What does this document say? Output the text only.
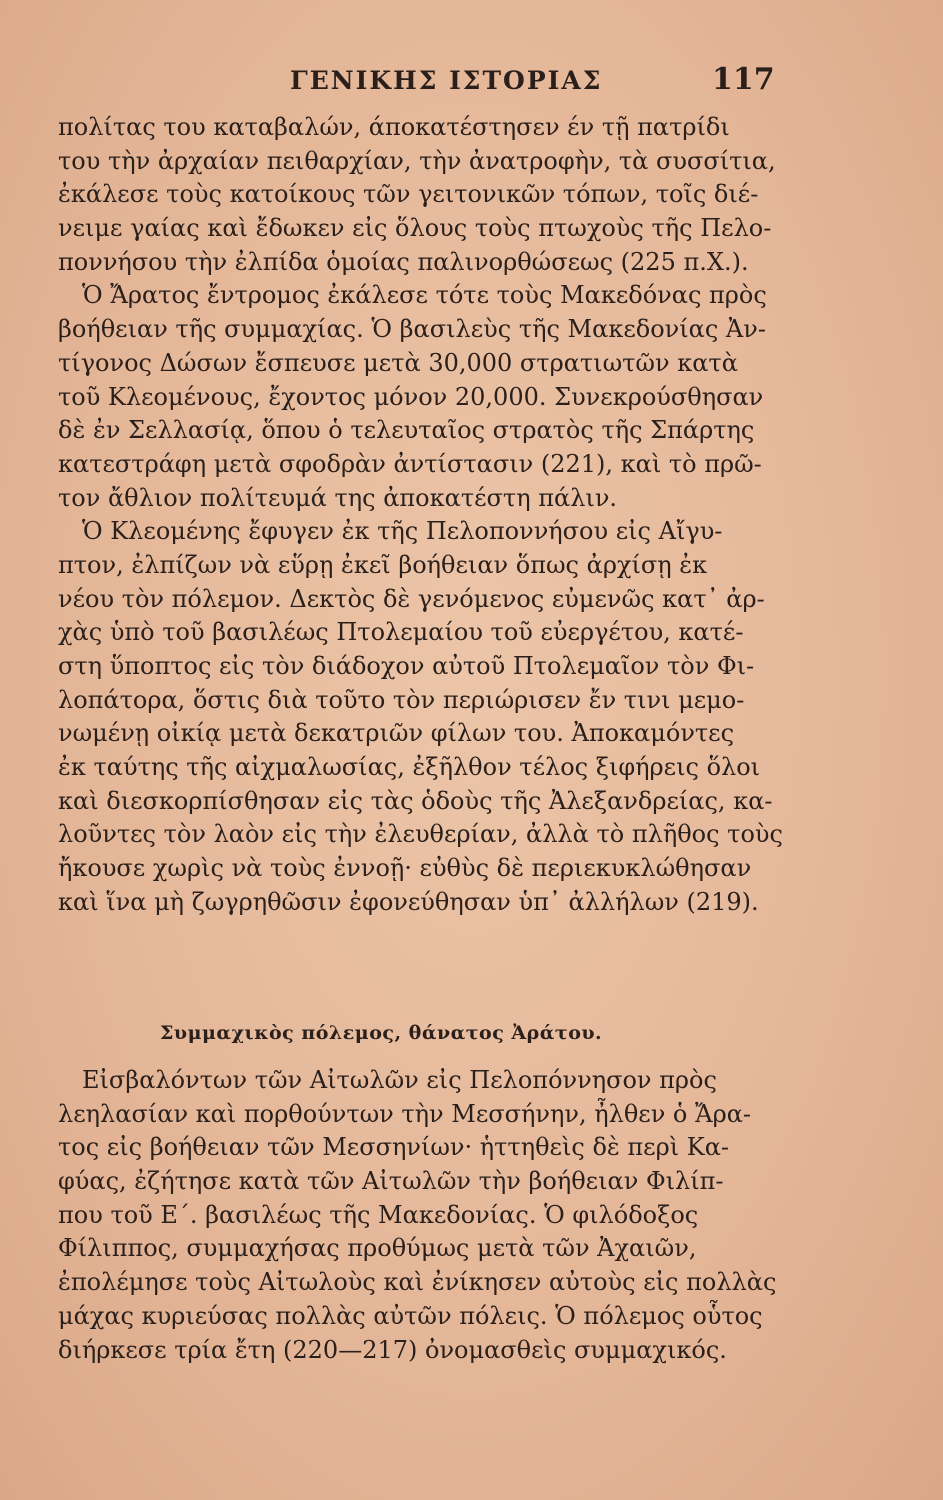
ΓΕΝΙΚΗΣ ΙΣΤΟΡΙΑΣ	117
πολίτας του καταβαλών, άποκατέστησεν έν τῇ πατρίδι
του τὴν ἀρχαίαν πειθαρχίαν, τὴν ἀνατροφὴν, τὰ συσσίτια,
ἐκάλεσε τοὺς κατοίκους τῶν γειτονικῶν τόπων, τοῖς διέ-
νειμε γαίας καὶ ἔδωκεν εἰς ὅλους τοὺς πτωχοὺς τῆς Πελο-
ποννήσου τὴν ἐλπίδα ὁμοίας παλινορθώσεως (225 π.Χ.).
Ὁ Ἄρατος ἔντρομος ἐκάλεσε τότε τοὺς Μακεδόνας πρὸς
βοήθειαν τῆς συμμαχίας. Ὁ βασιλεὺς τῆς Μακεδονίας Ἀν-
τίγονος Δώσων ἔσπευσε μετὰ 30,000 στρατιωτῶν κατὰ
τοῦ Κλεομένους, ἔχοντος μόνον 20,000. Συνεκρούσθησαν
δὲ ἐν Σελλασίᾳ, ὅπου ὁ τελευταῖος στρατὸς τῆς Σπάρτης
κατεστράφη μετὰ σφοδρὰν ἀντίστασιν (221), καὶ τὸ πρῶ-
τον ἄθλιον πολίτευμά της ἀποκατέστη πάλιν.
Ὁ Κλεομένης ἔφυγεν ἐκ τῆς Πελοποννήσου εἰς Αἴγυ-
πτον, ἐλπίζων νὰ εὕρῃ ἐκεῖ βοήθειαν ὅπως ἀρχίσῃ ἐκ
νέου τὸν πόλεμον. Δεκτὸς δὲ γενόμενος εὐμενῶς κατ᾽ ἀρ-
χὰς ὑπὸ τοῦ βασιλέως Πτολεμαίου τοῦ εὐεργέτου, κατέ-
στη ὕποπτος εἰς τὸν διάδοχον αὐτοῦ Πτολεμαῖον τὸν Φι-
λοπάτορα, ὅστις διὰ τοῦτο τὸν περιώρισεν ἔν τινι μεμο-
νωμένῃ οἰκίᾳ μετὰ δεκατριῶν φίλων του. Ἀποκαμόντες
ἐκ ταύτης τῆς αἰχμαλωσίας, ἐξῆλθον τέλος ξιφήρεις ὅλοι
καὶ διεσκορπίσθησαν εἰς τὰς ὁδοὺς τῆς Ἀλεξανδρείας, κα-
λοῦντες τὸν λαὸν εἰς τὴν ἐλευθερίαν, ἀλλὰ τὸ πλῆθος τοὺς
ἤκουσε χωρὶς νὰ τοὺς ἐννοῇ· εὐθὺς δὲ περιεκυκλώθησαν
καὶ ἵνα μὴ ζωγρηθῶσιν ἐφονεύθησαν ὑπ᾽ ἀλλήλων (219).
Συμμαχικὸς πόλεμος, θάνατος Ἀράτου.
Εἰσβαλόντων τῶν Αἰτωλῶν εἰς Πελοπόννησον πρὸς
λεηλασίαν καὶ πορθούντων τὴν Μεσσήνην, ἦλθεν ὁ Ἄρα-
τος εἰς βοήθειαν τῶν Μεσσηνίων· ἡττηθεὶς δὲ περὶ Κα-
φύας, ἐζήτησε κατὰ τῶν Αἰτωλῶν τὴν βοήθειαν Φιλίπ-
που τοῦ Ε΄. βασιλέως τῆς Μακεδονίας. Ὁ φιλόδοξος
Φίλιππος, συμμαχήσας προθύμως μετὰ τῶν Ἀχαιῶν,
ἐπολέμησε τοὺς Αἰτωλοὺς καὶ ἐνίκησεν αὐτοὺς εἰς πολλὰς
μάχας κυριεύσας πολλὰς αὐτῶν πόλεις. Ὁ πόλεμος οὗτος
διήρκεσε τρία ἔτη (220—217) ὀνομασθεὶς συμμαχικός.
